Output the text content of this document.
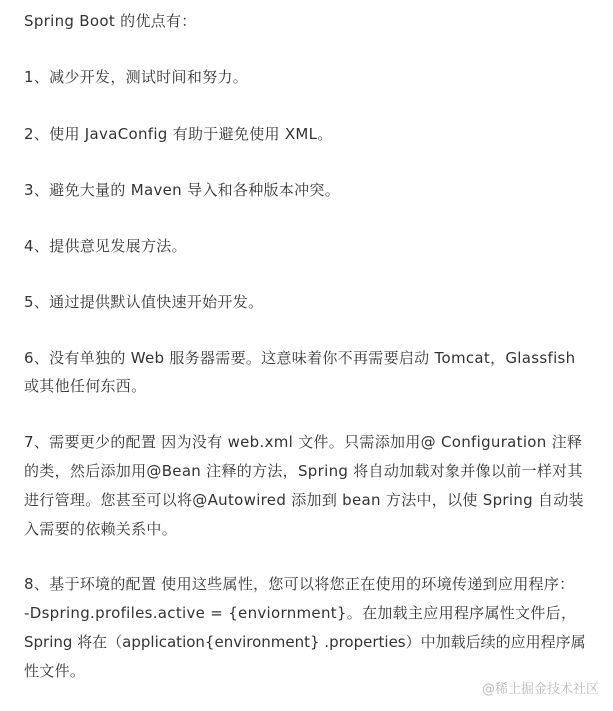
Spring Boot 的优点有：
1、减少开发，测试时间和努力。
2、使用 JavaConfig 有助于避免使用 XML。
3、避免大量的 Maven 导入和各种版本冲突。
4、提供意见发展方法。
5、通过提供默认值快速开始开发。
6、没有单独的 Web 服务器需要。这意味着你不再需要启动 Tomcat，Glassfish
或其他任何东西。
7、需要更少的配置 因为没有 web.xml 文件。只需添加用@ Configuration 注释
的类，然后添加用@Bean 注释的方法，Spring 将自动加载对象并像以前一样对其
进行管理。您甚至可以将@Autowired 添加到 bean 方法中，以使 Spring 自动装
入需要的依赖关系中。
8、基于环境的配置 使用这些属性，您可以将您正在使用的环境传递到应用程序：
-Dspring.profiles.active = {enviornment}。在加载主应用程序属性文件后，
Spring 将在（application{environment} .properties）中加载后续的应用程序属
性文件。
@稀土掘金技术社区
